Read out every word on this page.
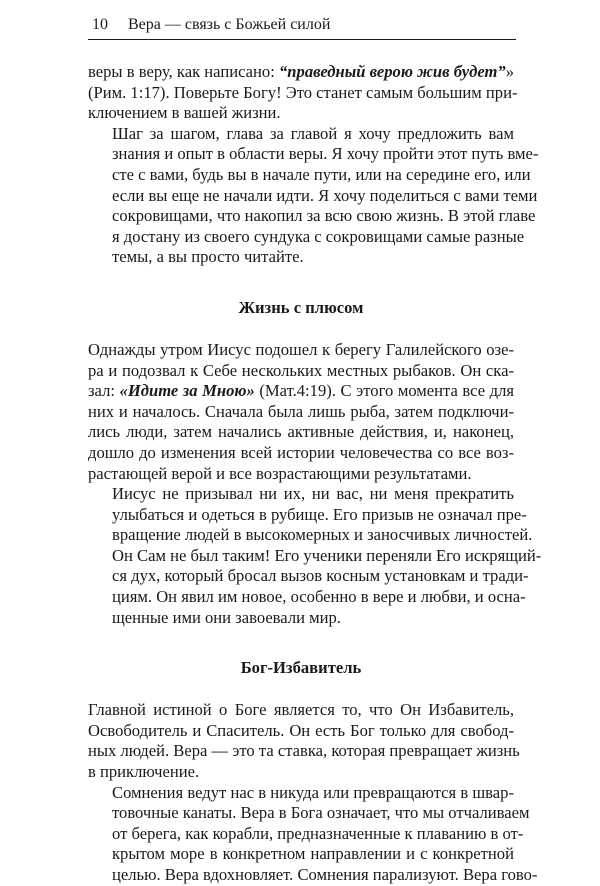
10 Вера — связь с Божьей силой

веры в веру, как написано: “праведный верою жив будет”»
(Рим. 1:17). Поверьте Богу! Это станет самым большим при-
ключением в вашей жизни.

Шаг за шагом, глава за главой я хочу предложить вам
знания и опыт в области веры. Я хочу пройти этот путь вме-
сте с вами, будь вы в начале пути, или на середине его, или
если вы еще не начали идти. Я хочу поделиться с вами теми
сокровищами, что накопил за всю свою жизнь. В этой главе
я достану из своего сундука с сокровищами самые разные
темы, а вы просто читайте.

Жизнь с плюсом

Однажды утром Иисус подошел к берегу Галилейского озе-
ра и подозвал к Себе нескольких местных рыбаков. Он ска-
зал: «Идите за Мною» (Мат.4:19). С этого момента все для
них и началось. Сначала была лишь рыба, затем подключи-
лись люди, затем начались активные действия, и, наконец,
дошло до изменения всей истории человечества со все воз-
растающей верой и все возрастающими результатами.

Иисус не призывал ни их, ни вас, ни меня прекратить
улыбаться и одеться в рубище. Его призыв не означал пре-
вращение людей в высокомерных и заносчивых личностей.
Он Сам не был таким! Его ученики переняли Его искрящий-
ся дух, который бросал вызов косным установкам и тради-
циям. Он явил им новое, особенно в вере и любви, и осна-
щенные ими они завоевали мир.

Бог-Избавитель

Главной истиной о Боге является то, что Он Избавитель,
Освободитель и Спаситель. Он есть Бог только для свобод-
ных людей. Вера — это та ставка, которая превращает жизнь
в приключение.

Сомнения ведут нас в никуда или превращаются в швар-
товочные канаты. Вера в Бога означает, что мы отчаливаем
от берега, как корабли, предназначенные к плаванию в от-
крытом море в конкретном направлении и с конкретной
целью. Вера вдохновляет. Сомнения парализуют. Вера гово-
